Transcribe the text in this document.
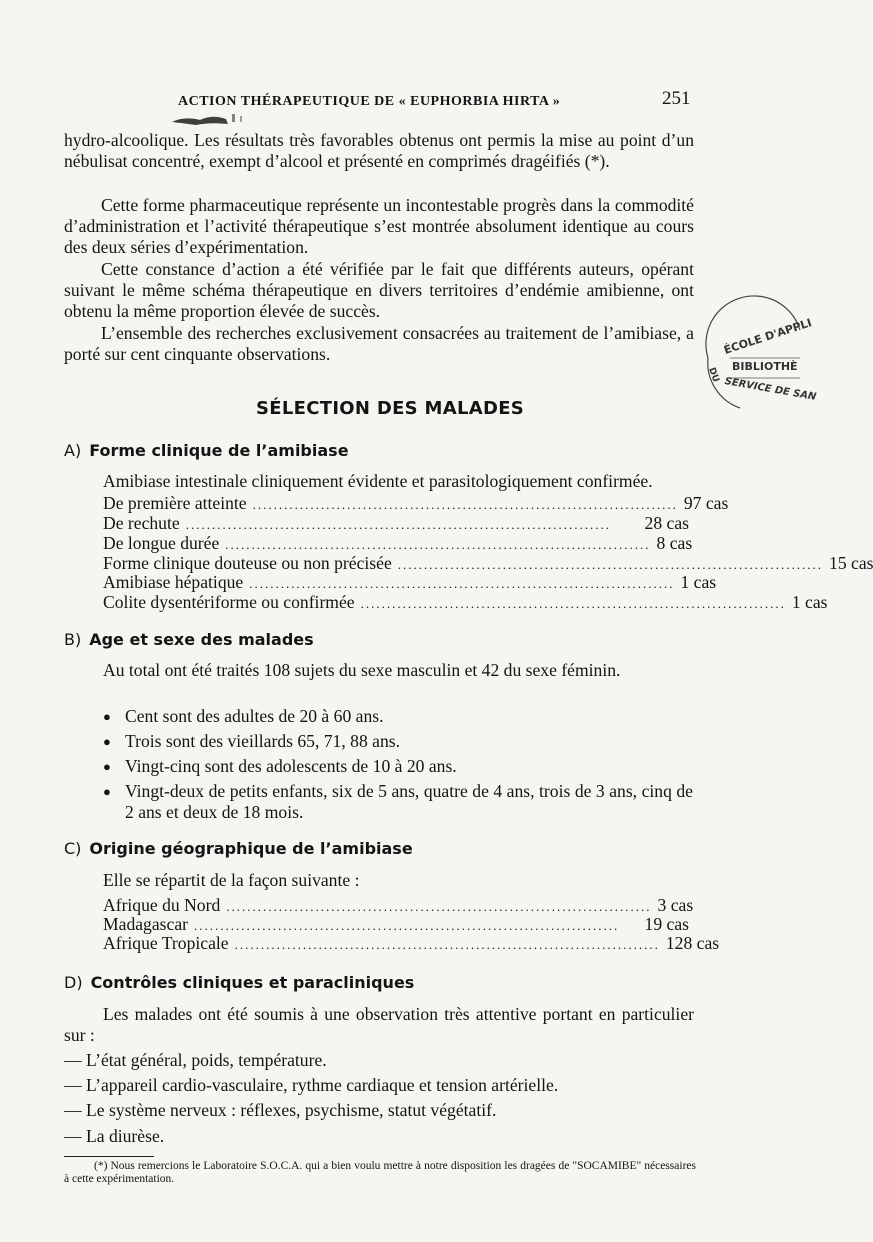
ACTION THÉRAPEUTIQUE DE « EUPHORBIA HIRTA »	251

hydro-alcoolique. Les résultats très favorables obtenus ont permis la mise au point d’un nébulisat concentré, exempt d’alcool et présenté en comprimés dragéifiés (*).

Cette forme pharmaceutique représente un incontestable progrès dans la commodité d’administration et l’activité thérapeutique s’est montrée absolument identique au cours des deux séries d’expérimentation.

Cette constance d’action a été vérifiée par le fait que différents auteurs, opérant suivant le même schéma thérapeutique en divers territoires d’endémie amibienne, ont obtenu la même proportion élevée de succès.

L’ensemble des recherches exclusivement consacrées au traitement de l’amibiase, a porté sur cent cinquante observations.

SÉLECTION DES MALADES
A) Forme clinique de l’amibiase
Amibiase intestinale cliniquement évidente et parasitologiquement confirmée.
De première atteinte ................................................................................. 97 cas
De rechute .................................................................................	28 cas
De longue durée ................................................................................. 8 cas
Forme clinique douteuse ou non précisée ................................................................................. 15 cas
Amibiase hépatique ................................................................................. 1 cas
Colite dysentériforme ou confirmée ................................................................................. 1 cas
B) Age et sexe des malades

Au total ont été traités 108 sujets du sexe masculin et 42 du sexe féminin.

● Cent sont des adultes de 20 à 60 ans.
● Trois sont des vieillards 65, 71, 88 ans.
● Vingt-cinq sont des adolescents de 10 à 20 ans.
● Vingt-deux de petits enfants, six de 5 ans, quatre de 4 ans, trois de 3 ans, cinq de 2 ans et deux de 18 mois.
C) Origine géographique de l’amibiase
Elle se répartit de la façon suivante :
Afrique du Nord ................................................................................. 3 cas
Madagascar .................................................................................	19 cas
Afrique Tropicale ................................................................................. 128 cas
D) Contrôles cliniques et paracliniques

Les malades ont été soumis à une observation très attentive portant en particulier sur :

— L’état général, poids, température.
— L’appareil cardio-vasculaire, rythme cardiaque et tension artérielle.
— Le système nerveux : réflexes, psychisme, statut végétatif.
— La diurèse.
(*) Nous remercions le Laboratoire S.O.C.A. qui a bien voulu mettre à notre disposition les dragées de "SOCAMIBE" nécessaires à cette expérimentation.
ÉCOLE D'APPLI
BIBLIOTHÈ
SERVICE DE SAN
DU
